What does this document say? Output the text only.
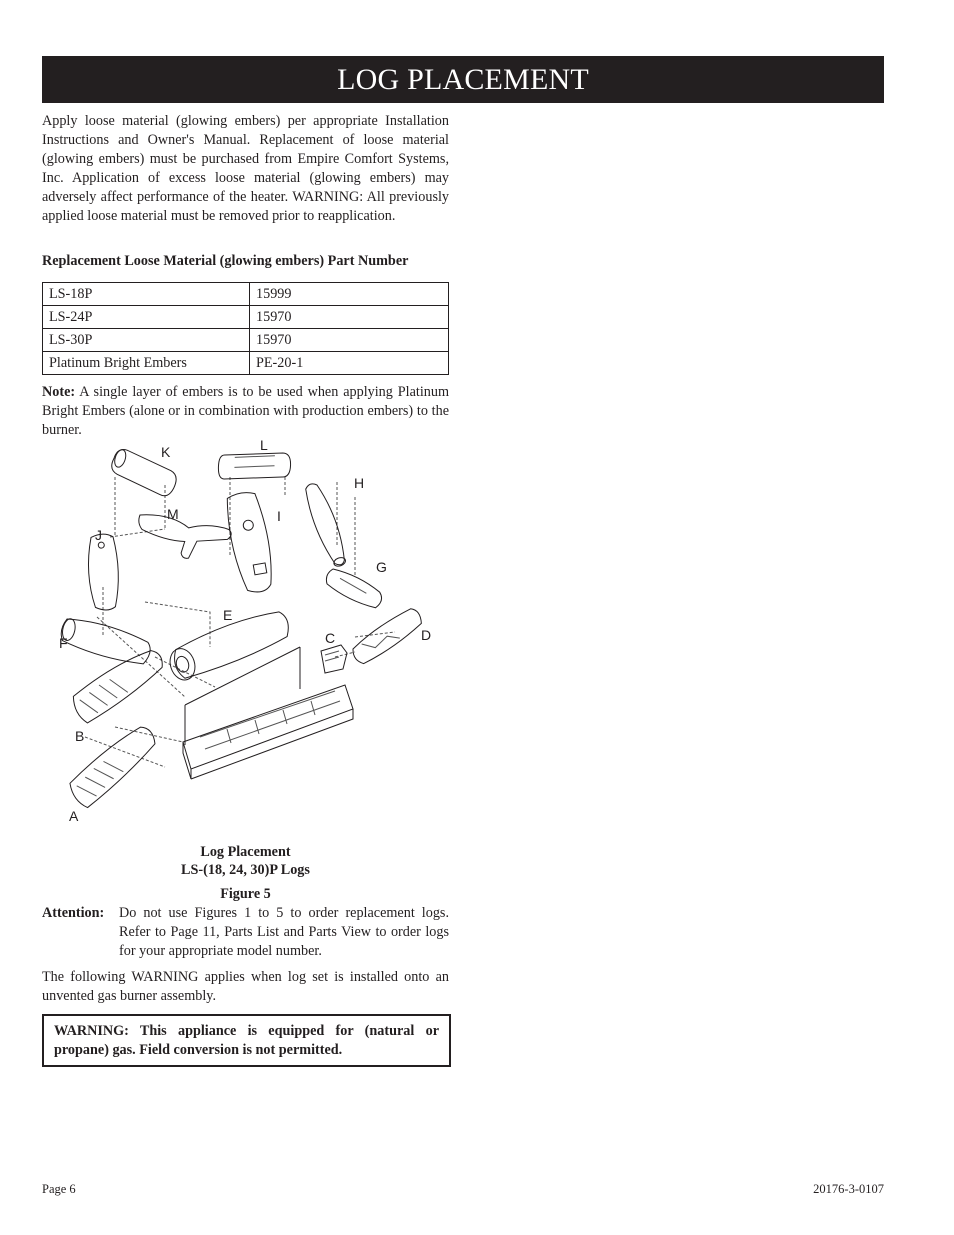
LOG PLACEMENT
Apply loose material (glowing embers) per appropriate Installation Instructions and Owner's Manual. Replacement of loose material (glowing embers) must be purchased from Empire Comfort Systems, Inc. Application of excess loose material (glowing embers) may adversely affect performance of the heater. WARNING: All previously applied loose material must be removed prior to reapplication.
Replacement Loose Material (glowing embers) Part Number
LS-18P	15999
LS-24P	15970
LS-30P	15970
Platinum Bright Embers	PE-20-1
Note: A single layer of embers is to be used when applying Platinum Bright Embers (alone or in combination with production embers) to the burner.
K	L
H
M	I
J
G
E
C	D
F
B
A
Log Placement
LS-(18, 24, 30)P Logs
Figure 5
Attention: Do not use Figures 1 to 5 to order replacement logs. Refer to Page 11, Parts List and Parts View to order logs for your appropriate model number.
The following WARNING applies when log set is installed onto an unvented gas burner assembly.
WARNING: This appliance is equipped for (natural or propane) gas. Field conversion is not permitted.
Page 6	20176-3-0107
